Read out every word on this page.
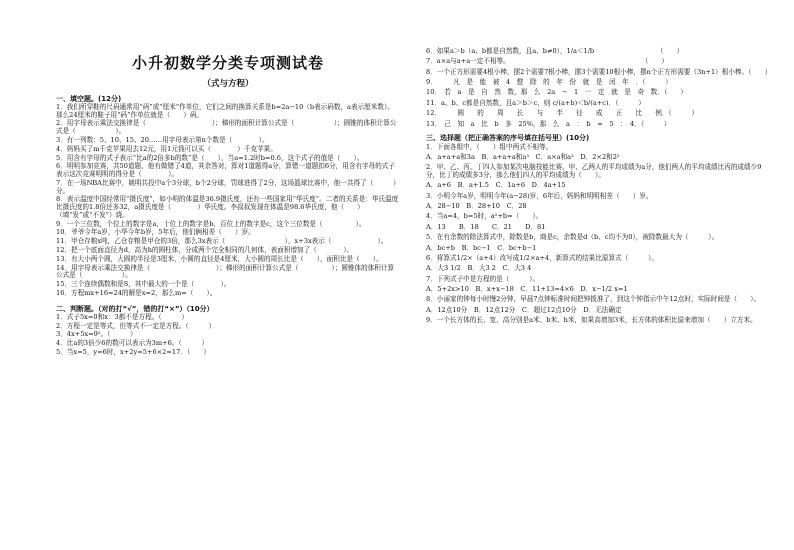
小升初数学分类专项测试卷
（式与方程）
一、填空题。(12分)

1．我们所穿鞋的尺码通常用“码”或“厘米”作单位，它们之间的换算关系是b=2a−10（b表示码数，a表示厘米数）。那么24厘米的鞋子用“码”作单位就是（　　）码。

2．用字母表示乘法交换律是（　　　　　　　　　　）；梯形的面积计算公式是（　　　　　　）；圆锥的体积计算公式是（　　　　　　）。

3．有一列数：5、10、15、20……用字母表示第n个数是（　　　　）。

4．妈妈买了m千克苹果用去12元，用1元钱可以买（　　　　）千克苹果。

5．用含有字母的式子表示“比a的2倍多b的数”是（　　），当a=1.2时b=0.6，这个式子的值是（　　）。

6．明明参加竞赛，共50道题，他有做错了4道，其余答对，算对1道题得a分，算错一道题扣6分，用含有字母的式子表示这次竞赛明明的得分是（　　　　）。

7．在一场NBA比赛中，姚明共投中a个3分球，b个2分球，罚球进得了2分，这场篮球比赛中，他一共得了（　　　）分。

8．表示温度中国经常用“摄氏度”，如小明的体温是36.9摄氏度，还有一些国家用“华氏度”。二者的关系是：华氏温度比摄氏度的1.8倍还多32，a摄氏度是（　　　　）华氏度。李叔叔发现在体温是98.6华氏度，他（　　）（填“发”或“不发”）烧。

9．一个三位数，个位上的数字是a，十位上的数字是b，百位上的数字是c，这个三位数是（　　　　　）。

10．爷爷今年a岁，小华今年b岁，5年后，他们俩相差（　　）岁。

11．甲仓存粮x吨，乙仓存粮是甲仓的3倍，那么3x表示（　　　　　　　　　），x+3x表示（　　　　　　　）。

12．把一个底面直径为d，高为h的圆柱体，分成两个完全相同的几何体，表面积增加了（　　　　）。

13．有大小两个圆，大圆的半径是3厘米，小圆的直径是4厘米，大小圆的周长比是（　　），面积比是（　　）。

14．用字母表示乘法交换律是（　　　　　　　　　　）；梯形的面积计算公式是（　　　　　）；圆锥体的体积计算公式是（　　　　　　）。

15．三个连续偶数和是S，其中最大的一个是（　　　　）。

16．方程mx+16=24的解是x=2，那么m=（　　）。

二、判断题。（对的打“√”，错的打“×”）（10分）

1．式子5x=0和x：3都不是方程。（　　　）

2．方程一定是等式，但等式不一定是方程。（　　　）

3．4x+5x=9²。（　　　）

4．比a的3倍少6的数可以表示为3m+6。（　　　）

5．当x=5，y=6时，x+2y=5+6×2=17．（　　）

6．如果a＞b（a、b都是自然数，且a、b≠0），1/a＜1/b　　　　　　　　　　（　　）

7．a×a与a+a一定不相等。　　　　　　　　　　　　　　　　　　　　　（　　）

8．一个正方形需要4根小棒，摆2个需要7根小棒，摆3个需要10根小棒，摆n个正方形需要（3n+1）根小棒。（　　）

9．　　　凡　是　能　被　4　整　除　的　年　份　就　是　闰　年　．（　　　）

10．　若　a　是　自　然　数，那　么　2a　−　1　一　定　就　是　奇　数．（　　）

11．a、b、c都是自然数，且a＞b＞c，则 c/(a+b)＜b/(a+c)．（　　　）

12．　　　圆　　的　　周　　长　　与　　半　　径　　成　　正　　比　　例．（　　　）

13．　己　知　a　比　b　多　25%，那　么　a　：　b　=　5　：　4．（　　　）

三、选择题（把正确答案的序号填在括号里）(10分)

1．下面各组中，（　　）组中两式不相等。

A．a+a+a和3a　B．a+a+a和a³　C．a×a和a²　D．2×2和2²

2．甲、乙、丙、丁四人参加某次电脑技能比赛，甲、乙两人的平均成绩为a分，他们两人的平均成绩比丙的成绩少9分，比丁的成绩多3分，那么他们四人的平均成绩为（　　）。

A．a+6　B．a+1.5　C．1a+6　D．4a+15

3．小明今年a岁，明明今年(a−28)岁，6年后，妈妈和明明相差（　　）岁。

A．28−10　B．28+10　C．28

4．当a=4，b=5时，a²+b=（　　）。

A．13　　B．18　　C．21　　D．81

5．在有余数的除法算式中，除数是b，商是c，余数是d（b、c均不为0），被除数最大为（　　　）。

A．bc+b　B．bc−1　C．bc+b−1

6．将算式1/2×（a+4）改写成1/2×a+4，新算式的结果比原算式（　　　）。

A．大3 1/2　B．大3 2　C．大3 4

7．下列式子中是方程的是（　　　）。

A．5+2x>10　B．x+x−18　C．11+13=4×6　D．x−1/2 x=1

8．小丽家的钟每小时慢2分钟，早晨7点钟标准时间把钟拨准了，到这个钟指示中午12点时，实际时间是（　　）。

A．12点10分　B．12点12分　C．超过12点10分　D．无法确定

9．一个长方体的长、宽、高分别是a米、b米、h米，如果高增加3米，长方体的体积比原来增加（　　）立方米。
